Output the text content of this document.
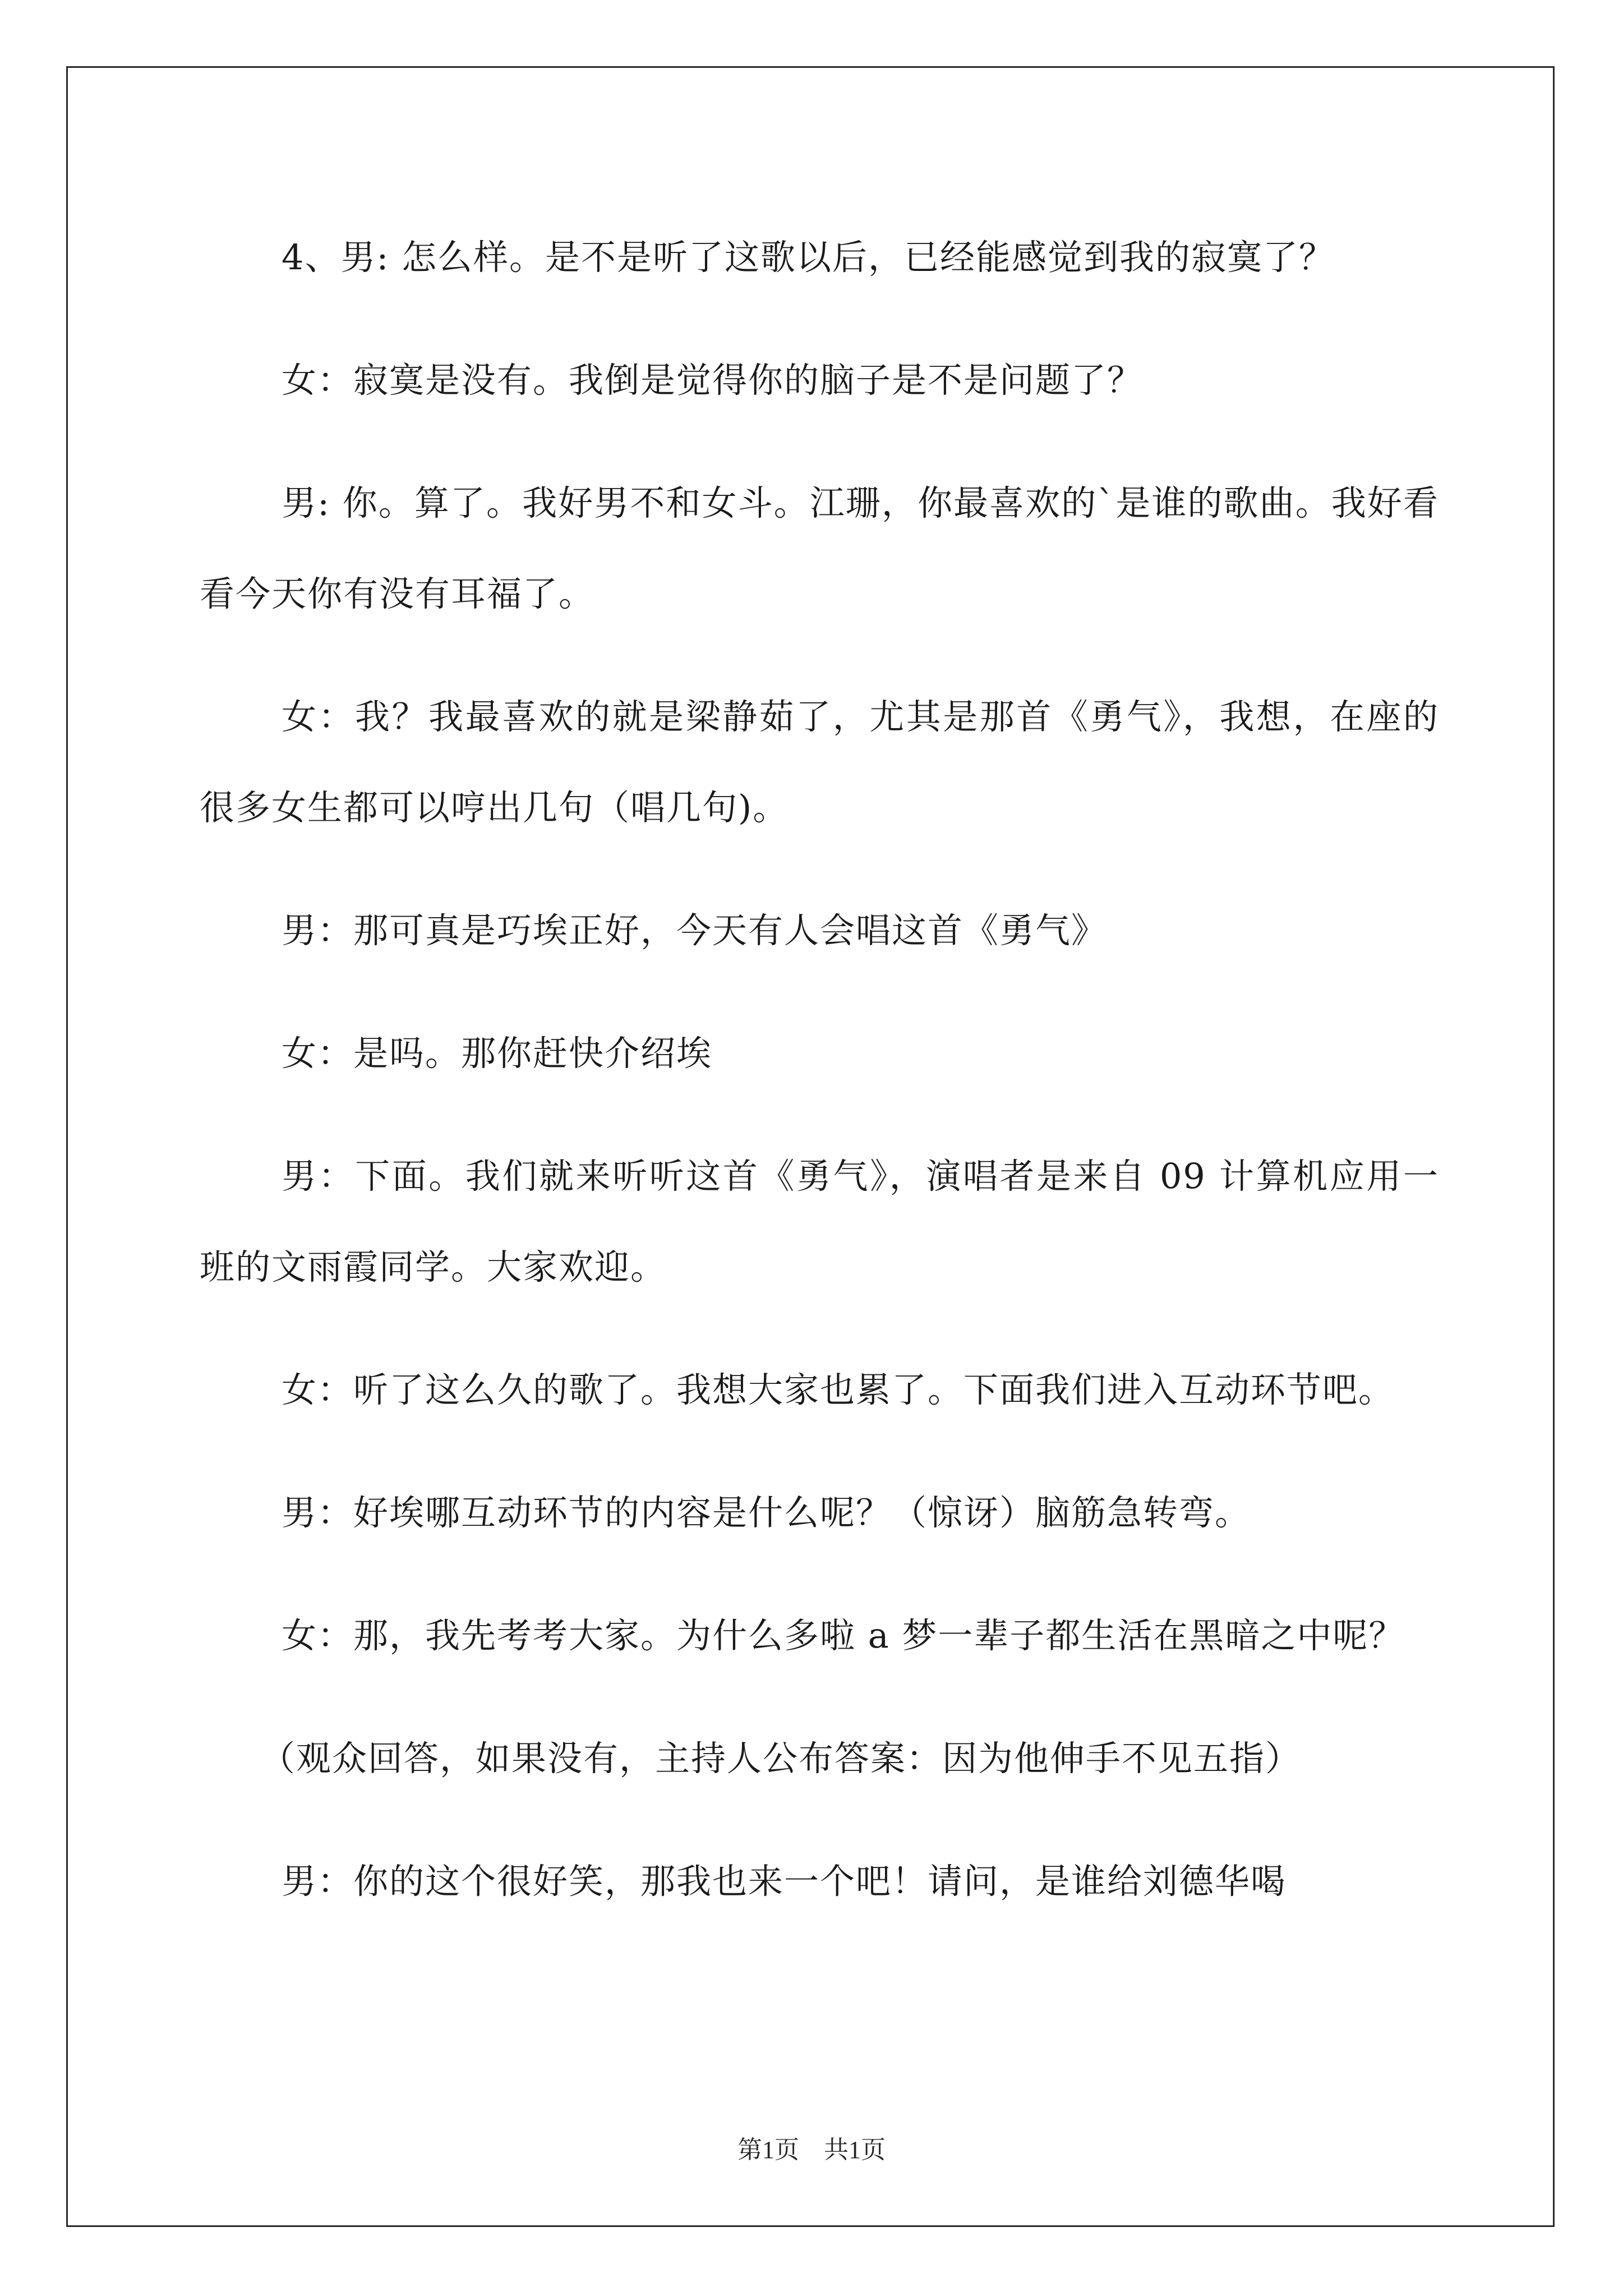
4、男: 怎么样。是不是听了这歌以后，已经能感觉到我的寂寞了？

女：寂寞是没有。我倒是觉得你的脑子是不是问题了？

男: 你。算了。我好男不和女斗。江珊，你最喜欢的`是谁的歌曲。我好看看今天你有没有耳福了。

女：我？我最喜欢的就是梁静茹了，尤其是那首《勇气》，我想，在座的很多女生都可以哼出几句（唱几句)。

男：那可真是巧埃正好，今天有人会唱这首《勇气》

女：是吗。那你赶快介绍埃

男：下面。我们就来听听这首《勇气》，演唱者是来自 09 计算机应用一班的文雨霞同学。大家欢迎。

女：听了这么久的歌了。我想大家也累了。下面我们进入互动环节吧。

男：好埃哪互动环节的内容是什么呢？（惊讶）脑筋急转弯。

女：那，我先考考大家。为什么多啦 a 梦一辈子都生活在黑暗之中呢？

（观众回答，如果没有，主持人公布答案：因为他伸手不见五指）

男：你的这个很好笑，那我也来一个吧！请问，是谁给刘德华喝

第1页　共1页
